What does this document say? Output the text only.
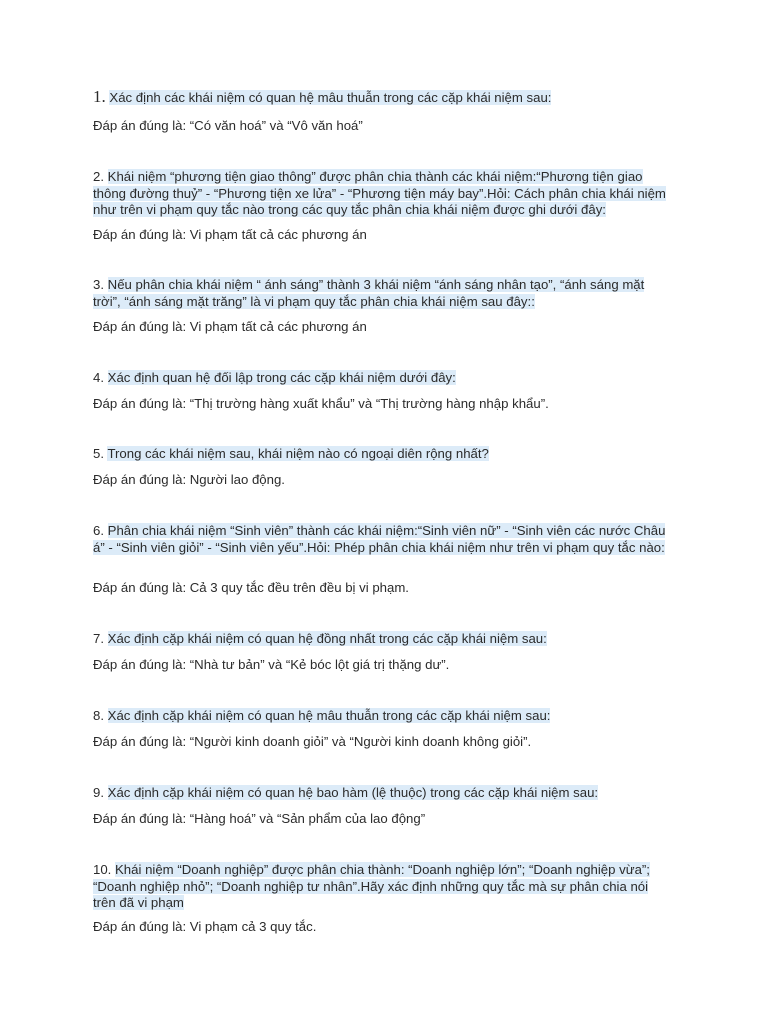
1. Xác định các khái niệm có quan hệ mâu thuẫn trong các cặp khái niệm sau:
Đáp án đúng là: “Có văn hoá” và “Vô văn hoá”
2. Khái niệm “phương tiện giao thông” được phân chia thành các khái niệm:“Phương tiện giao thông đường thuỷ” - “Phương tiện xe lửa” - “Phương tiện máy bay”.Hỏi: Cách phân chia khái niệm như trên vi phạm quy tắc nào trong các quy tắc phân chia khái niệm được ghi dưới đây:
Đáp án đúng là: Vi phạm tất cả các phương án
3. Nếu phân chia khái niệm “ ánh sáng” thành 3 khái niệm “ánh sáng nhân tạo”, “ánh sáng mặt trời”, “ánh sáng mặt trăng” là vi phạm quy tắc phân chia khái niệm sau đây::
Đáp án đúng là: Vi phạm tất cả các phương án
4. Xác định quan hệ đối lập trong các cặp khái niệm dưới đây:
Đáp án đúng là: “Thị trường hàng xuất khẩu” và “Thị trường hàng nhập khẩu”.
5. Trong các khái niệm sau, khái niệm nào có ngoại diên rộng nhất?
Đáp án đúng là: Người lao động.
6. Phân chia khái niệm “Sinh viên” thành các khái niệm:“Sinh viên nữ” - “Sinh viên các nước Châu á” - “Sinh viên giỏi” - “Sinh viên yếu”.Hỏi: Phép phân chia khái niệm như trên vi phạm quy tắc nào:
Đáp án đúng là: Cả 3 quy tắc đều trên đều bị vi phạm.
7. Xác định cặp khái niệm có quan hệ đồng nhất trong các cặp khái niệm sau:
Đáp án đúng là: “Nhà tư bản” và “Kẻ bóc lột giá trị thặng dư”.
8. Xác định cặp khái niệm có quan hệ mâu thuẫn trong các cặp khái niệm sau:
Đáp án đúng là: “Người kinh doanh giỏi” và “Người kinh doanh không giỏi”.
9. Xác định cặp khái niệm có quan hệ bao hàm (lệ thuộc) trong các cặp khái niệm sau:
Đáp án đúng là: “Hàng hoá” và “Sản phẩm của lao động”
10. Khái niệm “Doanh nghiệp” được phân chia thành: “Doanh nghiệp lớn”; “Doanh nghiệp vừa”; “Doanh nghiệp nhỏ”; “Doanh nghiệp tư nhân”.Hãy xác định những quy tắc mà sự phân chia nói trên đã vi phạm
Đáp án đúng là: Vi phạm cả 3 quy tắc.
